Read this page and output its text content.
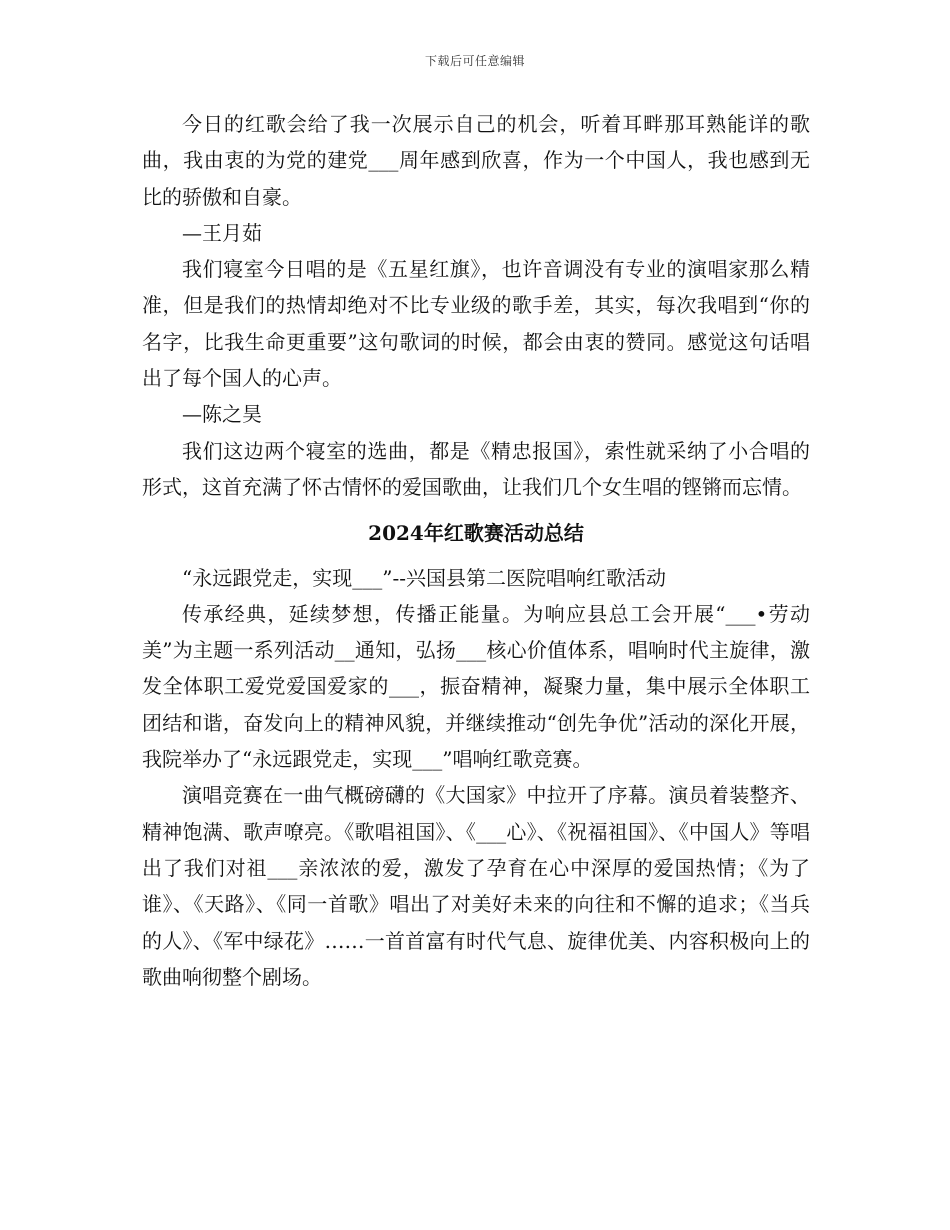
下载后可任意编辑

今日的红歌会给了我一次展示自己的机会，听着耳畔那耳熟能详的歌曲，我由衷的为党的建党___周年感到欣喜，作为一个中国人，我也感到无比的骄傲和自豪。

—王月茹

我们寝室今日唱的是《五星红旗》，也许音调没有专业的演唱家那么精准，但是我们的热情却绝对不比专业级的歌手差，其实，每次我唱到“你的名字，比我生命更重要”这句歌词的时候，都会由衷的赞同。感觉这句话唱出了每个国人的心声。

—陈之昊

我们这边两个寝室的选曲，都是《精忠报国》，索性就采纳了小合唱的形式，这首充满了怀古情怀的爱国歌曲，让我们几个女生唱的铿锵而忘情。

2024年红歌赛活动总结

“永远跟党走，实现___”--兴国县第二医院唱响红歌活动

传承经典，延续梦想，传播正能量。为响应县总工会开展“___•劳动美”为主题一系列活动__通知，弘扬___核心价值体系，唱响时代主旋律，激发全体职工爱党爱国爱家的___，振奋精神，凝聚力量，集中展示全体职工团结和谐，奋发向上的精神风貌，并继续推动“创先争优”活动的深化开展，我院举办了“永远跟党走，实现___”唱响红歌竞赛。

演唱竞赛在一曲气概磅礴的《大国家》中拉开了序幕。演员着装整齐、精神饱满、歌声嘹亮。《歌唱祖国》、《___心》、《祝福祖国》、《中国人》等唱出了我们对祖___亲浓浓的爱，激发了孕育在心中深厚的爱国热情；《为了谁》、《天路》、《同一首歌》唱出了对美好未来的向往和不懈的追求；《当兵的人》、《军中绿花》……一首首富有时代气息、旋律优美、内容积极向上的歌曲响彻整个剧场。
